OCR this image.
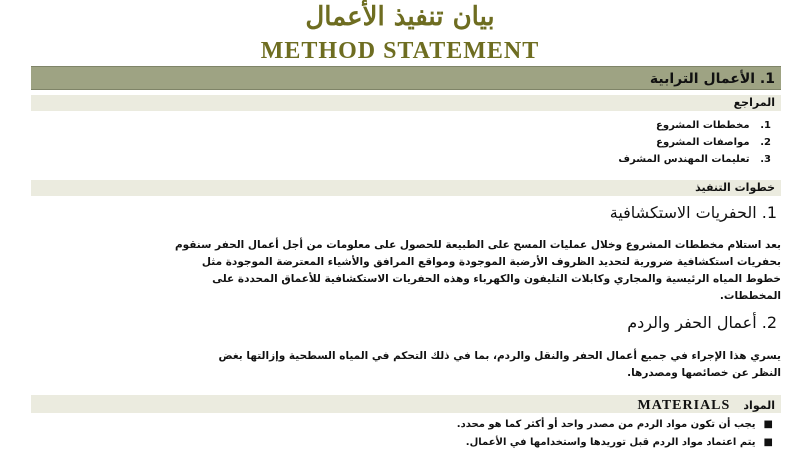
بيان تنفيذ الأعمال
METHOD STATEMENT
1. الأعمال الترابية
المراجع
1. مخططات المشروع
2. مواصفات المشروع
3. تعليمات المهندس المشرف
خطوات التنفيذ
1. الحفريات الاستكشافية
بعد استلام مخططات المشروع وخلال عمليات المسح على الطبيعة للحصول على معلومات من أجل أعمال الحفر سنقوم
بحفريات استكشافية ضرورية لتحديد الظروف الأرضية الموجودة ومواقع المرافق والأشياء المعترضة الموجودة مثل
خطوط المياه الرئيسية والمجاري وكابلات التليفون والكهرباء وهذه الحفريات الاستكشافية للأعماق المحددة على
المخططات.
2. أعمال الحفر والردم
يسري هذا الإجراء في جميع أعمال الحفر والنقل والردم، بما في ذلك التحكم في المياه السطحية وإزالتها بغض
النظر عن خصائصها ومصدرها.
المواد MATERIALS
■ يجب أن تكون مواد الردم من مصدر واحد أو أكثر كما هو محدد.
■ يتم اعتماد مواد الردم قبل توريدها واستخدامها في الأعمال.
